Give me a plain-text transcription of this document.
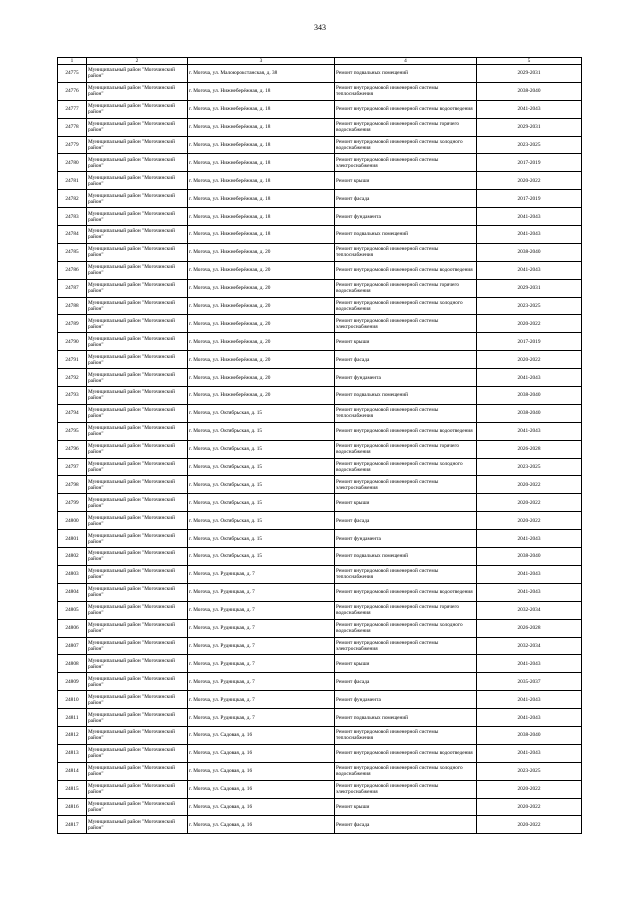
343
1	2	3	4	5
24775	Муниципальный район "Могочинский район"	г. Могоча, ул. Малоюрокстанская, д. 38	Ремонт подвальных помещений	2029-2031
24776	Муниципальный район "Могочинский район"	г. Могоча, ул. Нижнеберёжная, д. 18	Ремонт внутридомовой инженерной системы теплоснабжения	2038-2040
24777	Муниципальный район "Могочинский район"	г. Могоча, ул. Нижнеберёжная, д. 18	Ремонт внутридомовой инженерной системы водоотведения	2041-2043
24778	Муниципальный район "Могочинский район"	г. Могоча, ул. Нижнеберёжная, д. 18	Ремонт внутридомовой инженерной системы горячего водоснабжения	2029-2031
24779	Муниципальный район "Могочинский район"	г. Могоча, ул. Нижнеберёжная, д. 18	Ремонт внутридомовой инженерной системы холодного водоснабжения	2023-2025
24780	Муниципальный район "Могочинский район"	г. Могоча, ул. Нижнеберёжная, д. 18	Ремонт внутридомовой инженерной системы электроснабжения	2017-2019
24781	Муниципальный район "Могочинский район"	г. Могоча, ул. Нижнеберёжная, д. 18	Ремонт крыши	2020-2022
24782	Муниципальный район "Могочинский район"	г. Могоча, ул. Нижнеберёжная, д. 18	Ремонт фасада	2017-2019
24783	Муниципальный район "Могочинский район"	г. Могоча, ул. Нижнеберёжная, д. 18	Ремонт фундамента	2041-2043
24784	Муниципальный район "Могочинский район"	г. Могоча, ул. Нижнеберёжная, д. 18	Ремонт подвальных помещений	2041-2043
24785	Муниципальный район "Могочинский район"	г. Могоча, ул. Нижнеберёжная, д. 20	Ремонт внутридомовой инженерной системы теплоснабжения	2038-2040
24786	Муниципальный район "Могочинский район"	г. Могоча, ул. Нижнеберёжная, д. 20	Ремонт внутридомовой инженерной системы водоотведения	2041-2043
24787	Муниципальный район "Могочинский район"	г. Могоча, ул. Нижнеберёжная, д. 20	Ремонт внутридомовой инженерной системы горячего водоснабжения	2029-2031
24788	Муниципальный район "Могочинский район"	г. Могоча, ул. Нижнеберёжная, д. 20	Ремонт внутридомовой инженерной системы холодного водоснабжения	2023-2025
24789	Муниципальный район "Могочинский район"	г. Могоча, ул. Нижнеберёжная, д. 20	Ремонт внутридомовой инженерной системы электроснабжения	2020-2022
24790	Муниципальный район "Могочинский район"	г. Могоча, ул. Нижнеберёжная, д. 20	Ремонт крыши	2017-2019
24791	Муниципальный район "Могочинский район"	г. Могоча, ул. Нижнеберёжная, д. 20	Ремонт фасада	2020-2022
24792	Муниципальный район "Могочинский район"	г. Могоча, ул. Нижнеберёжная, д. 20	Ремонт фундамента	2041-2043
24793	Муниципальный район "Могочинский район"	г. Могоча, ул. Нижнеберёжная, д. 20	Ремонт подвальных помещений	2038-2040
24794	Муниципальный район "Могочинский район"	г. Могоча, ул. Октябрьская, д. 15	Ремонт внутридомовой инженерной системы теплоснабжения	2038-2040
24795	Муниципальный район "Могочинский район"	г. Могоча, ул. Октябрьская, д. 15	Ремонт внутридомовой инженерной системы водоотведения	2041-2043
24796	Муниципальный район "Могочинский район"	г. Могоча, ул. Октябрьская, д. 15	Ремонт внутридомовой инженерной системы горячего водоснабжения	2026-2028
24797	Муниципальный район "Могочинский район"	г. Могоча, ул. Октябрьская, д. 15	Ремонт внутридомовой инженерной системы холодного водоснабжения	2023-2025
24798	Муниципальный район "Могочинский район"	г. Могоча, ул. Октябрьская, д. 15	Ремонт внутридомовой инженерной системы электроснабжения	2020-2022
24799	Муниципальный район "Могочинский район"	г. Могоча, ул. Октябрьская, д. 15	Ремонт крыши	2020-2022
24800	Муниципальный район "Могочинский район"	г. Могоча, ул. Октябрьская, д. 15	Ремонт фасада	2020-2022
24801	Муниципальный район "Могочинский район"	г. Могоча, ул. Октябрьская, д. 15	Ремонт фундамента	2041-2043
24802	Муниципальный район "Могочинский район"	г. Могоча, ул. Октябрьская, д. 15	Ремонт подвальных помещений	2038-2040
24803	Муниципальный район "Могочинский район"	г. Могоча, ул. Рудницкая, д. 7	Ремонт внутридомовой инженерной системы теплоснабжения	2041-2043
24804	Муниципальный район "Могочинский район"	г. Могоча, ул. Рудницкая, д. 7	Ремонт внутридомовой инженерной системы водоотведения	2041-2043
24805	Муниципальный район "Могочинский район"	г. Могоча, ул. Рудницкая, д. 7	Ремонт внутридомовой инженерной системы горячего водоснабжения	2032-2034
24806	Муниципальный район "Могочинский район"	г. Могоча, ул. Рудницкая, д. 7	Ремонт внутридомовой инженерной системы холодного водоснабжения	2026-2028
24807	Муниципальный район "Могочинский район"	г. Могоча, ул. Рудницкая, д. 7	Ремонт внутридомовой инженерной системы электроснабжения	2032-2034
24808	Муниципальный район "Могочинский район"	г. Могоча, ул. Рудницкая, д. 7	Ремонт крыши	2041-2043
24809	Муниципальный район "Могочинский район"	г. Могоча, ул. Рудницкая, д. 7	Ремонт фасада	2035-2037
24810	Муниципальный район "Могочинский район"	г. Могоча, ул. Рудницкая, д. 7	Ремонт фундамента	2041-2043
24811	Муниципальный район "Могочинский район"	г. Могоча, ул. Рудницкая, д. 7	Ремонт подвальных помещений	2041-2043
24812	Муниципальный район "Могочинский район"	г. Могоча, ул. Садовая, д. 16	Ремонт внутридомовой инженерной системы теплоснабжения	2038-2040
24813	Муниципальный район "Могочинский район"	г. Могоча, ул. Садовая, д. 16	Ремонт внутридомовой инженерной системы водоотведения	2041-2043
24814	Муниципальный район "Могочинский район"	г. Могоча, ул. Садовая, д. 16	Ремонт внутридомовой инженерной системы холодного водоснабжения	2023-2025
24815	Муниципальный район "Могочинский район"	г. Могоча, ул. Садовая, д. 16	Ремонт внутридомовой инженерной системы электроснабжения	2020-2022
24816	Муниципальный район "Могочинский район"	г. Могоча, ул. Садовая, д. 16	Ремонт крыши	2020-2022
24817	Муниципальный район "Могочинский район"	г. Могоча, ул. Садовая, д. 16	Ремонт фасада	2020-2022
